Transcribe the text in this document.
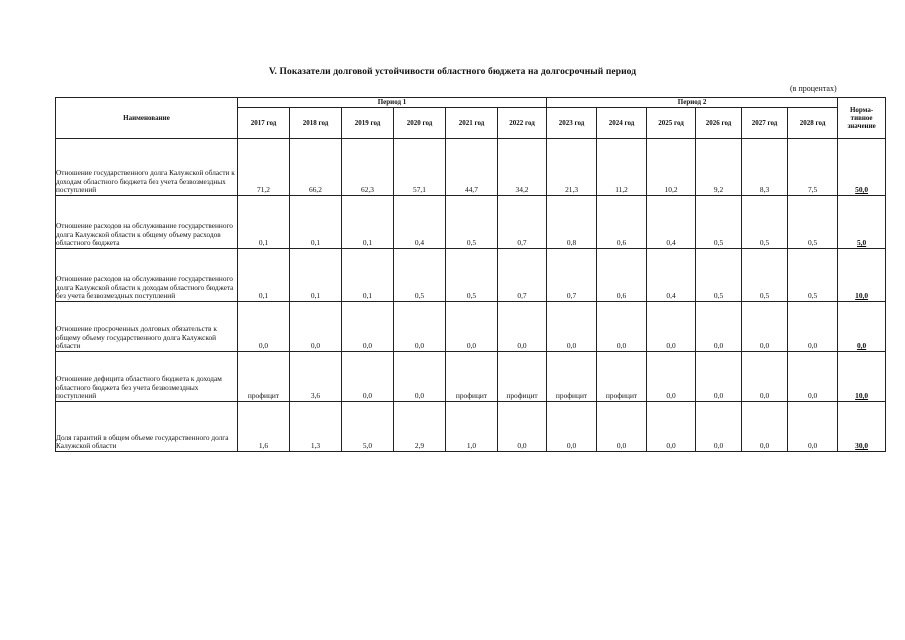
V. Показатели долговой устойчивости областного бюджета на долгосрочный период
(в процентах)
Наименование	Период 1						Период 2						Норма-
тивное
значение
	2017 год	2018 год	2019 год	2020 год	2021 год	2022 год	2023 год	2024 год	2025 год	2026 год	2027 год	2028 год	
Отношение государственного долга Калужской области к доходам областного бюджета без учета безвозмездных поступлений	71,2	66,2	62,3	57,1	44,7	34,2	21,3	11,2	10,2	9,2	8,3	7,5	50,0
Отношение расходов на обслуживание государственного долга Калужской области к общему объему расходов областного бюджета	0,1	0,1	0,1	0,4	0,5	0,7	0,8	0,6	0,4	0,5	0,5	0,5	5,0
Отношение расходов на обслуживание государственного долга Калужской области к доходам областного бюджета без учета безвозмездных поступлений	0,1	0,1	0,1	0,5	0,5	0,7	0,7	0,6	0,4	0,5	0,5	0,5	10,0
Отношение просроченных долговых обязательств к общему объему государственного долга Калужской области	0,0	0,0	0,0	0,0	0,0	0,0	0,0	0,0	0,0	0,0	0,0	0,0	0,0
Отношение дефицита областного бюджета к доходам областного бюджета без учета безвозмездных поступлений	профицит	3,6	0,0	0,0	профицит	профицит	профицит	профицит	0,0	0,0	0,0	0,0	10,0
Доля гарантий в общем объеме государственного долга Калужской области	1,6	1,3	5,0	2,9	1,0	0,0	0,0	0,0	0,0	0,0	0,0	0,0	30,0
